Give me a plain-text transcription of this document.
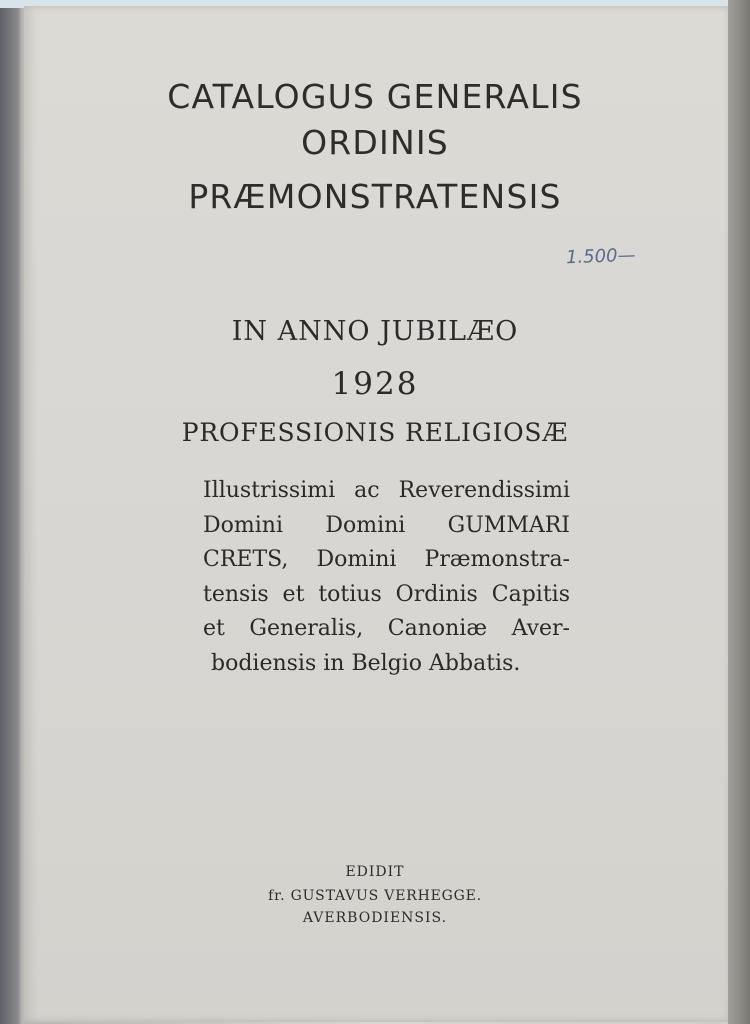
CATALOGUS GENERALIS
ORDINIS
PRÆMONSTRATENSIS
1.500—
IN ANNO JUBILÆO
1928
PROFESSIONIS RELIGIOSÆ
Illustrissimi ac Reverendissimi
Domini Domini GUMMARI
CRETS, Domini Præmonstra-
tensis et totius Ordinis Capitis
et Generalis, Canoniæ Aver-
bodiensis in Belgio Abbatis.
EDIDIT
fr. GUSTAVUS VERHEGGE.
AVERBODIENSIS.
